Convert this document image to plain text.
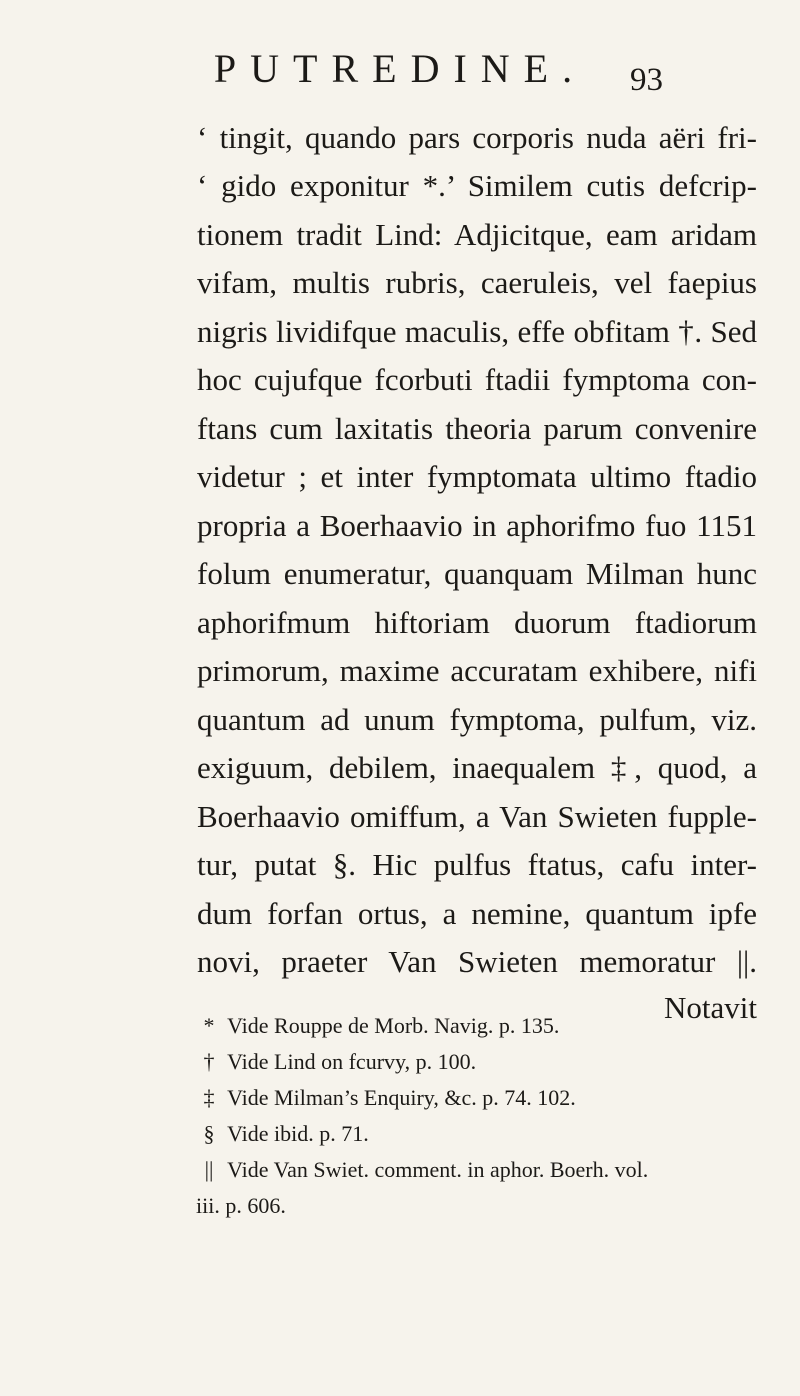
PUTREDINE.	93
‘ tingit, quando pars corporis nuda aëri fri-
‘ gido exponitur *.’ Similem cutis defcrip-
tionem tradit Lind: Adjicitque, eam aridam
vifam, multis rubris, caeruleis, vel faepius
nigris lividifque maculis, effe obfitam †. Sed
hoc cujufque fcorbuti ftadii fymptoma con-
ftans cum laxitatis theoria parum convenire
videtur ; et inter fymptomata ultimo ftadio
propria a Boerhaavio in aphorifmo fuo 1151
folum enumeratur, quanquam Milman hunc
aphorifmum hiftoriam duorum ftadiorum
primorum, maxime accuratam exhibere, nifi
quantum ad unum fymptoma, pulfum, viz.
exiguum, debilem, inaequalem ‡, quod, a
Boerhaavio omiffum, a Van Swieten fupple-
tur, putat §. Hic pulfus ftatus, cafu inter-
dum forfan ortus, a nemine, quantum ipfe
novi, praeter Van Swieten memoratur ||.
Notavit
* Vide Rouppe de Morb. Navig. p. 135.
† Vide Lind on fcurvy, p. 100.
‡ Vide Milman’s Enquiry, &c. p. 74. 102.
§ Vide ibid. p. 71.
|| Vide Van Swiet. comment. in aphor. Boerh. vol.
iii. p. 606.
